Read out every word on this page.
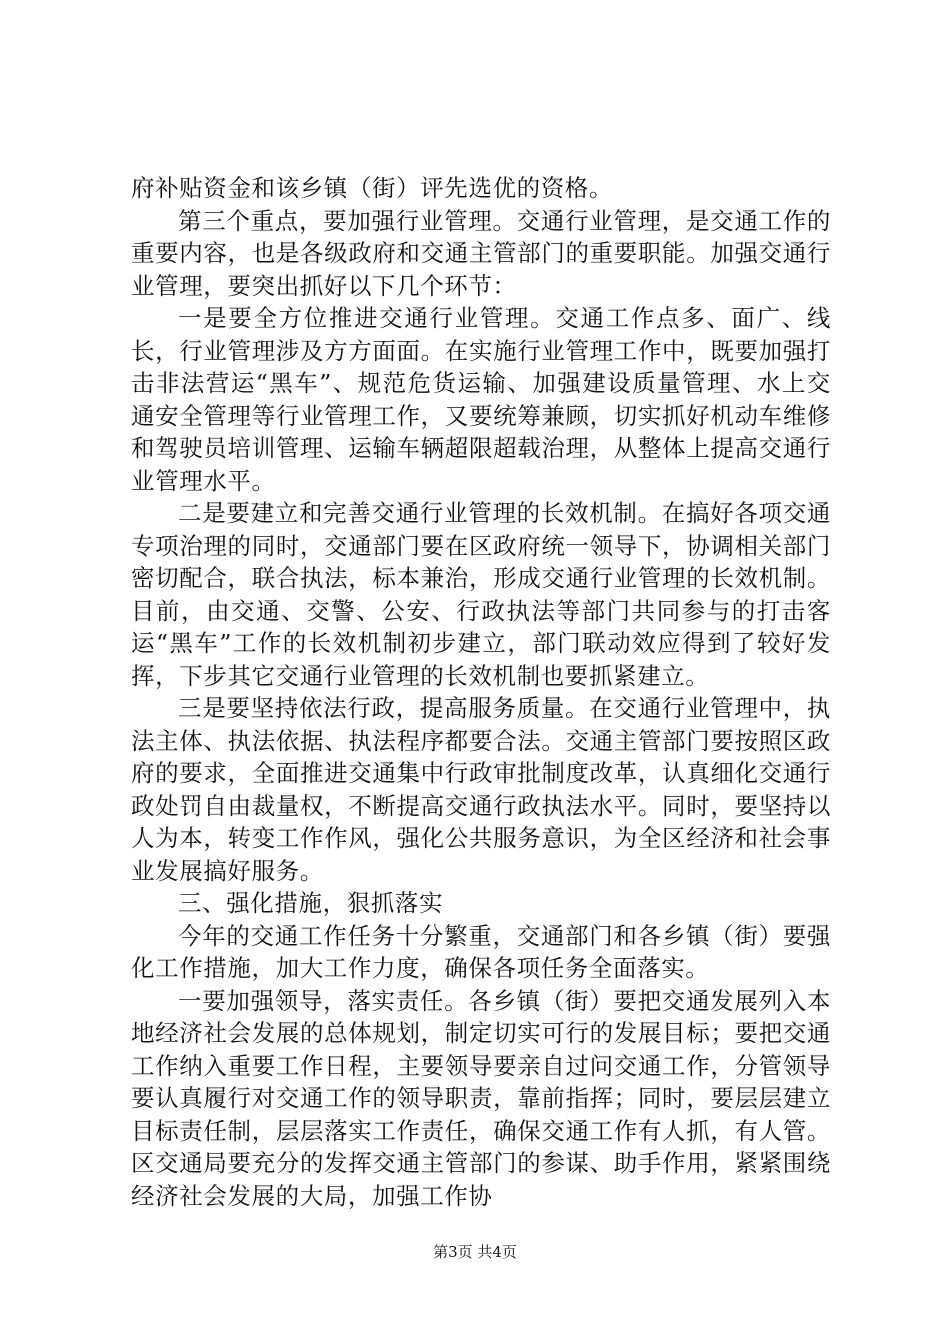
府补贴资金和该乡镇（街）评先选优的资格。

第三个重点，要加强行业管理。交通行业管理，是交通工作的重要内容，也是各级政府和交通主管部门的重要职能。加强交通行业管理，要突出抓好以下几个环节：

一是要全方位推进交通行业管理。交通工作点多、面广、线长，行业管理涉及方方面面。在实施行业管理工作中，既要加强打击非法营运“黑车”、规范危货运输、加强建设质量管理、水上交通安全管理等行业管理工作，又要统筹兼顾，切实抓好机动车维修和驾驶员培训管理、运输车辆超限超载治理，从整体上提高交通行业管理水平。

二是要建立和完善交通行业管理的长效机制。在搞好各项交通专项治理的同时，交通部门要在区政府统一领导下，协调相关部门密切配合，联合执法，标本兼治，形成交通行业管理的长效机制。目前，由交通、交警、公安、行政执法等部门共同参与的打击客运“黑车”工作的长效机制初步建立，部门联动效应得到了较好发挥，下步其它交通行业管理的长效机制也要抓紧建立。

三是要坚持依法行政，提高服务质量。在交通行业管理中，执法主体、执法依据、执法程序都要合法。交通主管部门要按照区政府的要求，全面推进交通集中行政审批制度改革，认真细化交通行政处罚自由裁量权，不断提高交通行政执法水平。同时，要坚持以人为本，转变工作作风，强化公共服务意识，为全区经济和社会事业发展搞好服务。

三、强化措施，狠抓落实

今年的交通工作任务十分繁重，交通部门和各乡镇（街）要强化工作措施，加大工作力度，确保各项任务全面落实。

一要加强领导，落实责任。各乡镇（街）要把交通发展列入本地经济社会发展的总体规划，制定切实可行的发展目标；要把交通工作纳入重要工作日程，主要领导要亲自过问交通工作，分管领导要认真履行对交通工作的领导职责，靠前指挥；同时，要层层建立目标责任制，层层落实工作责任，确保交通工作有人抓，有人管。区交通局要充分的发挥交通主管部门的参谋、助手作用，紧紧围绕经济社会发展的大局，加强工作协

第3页 共4页
